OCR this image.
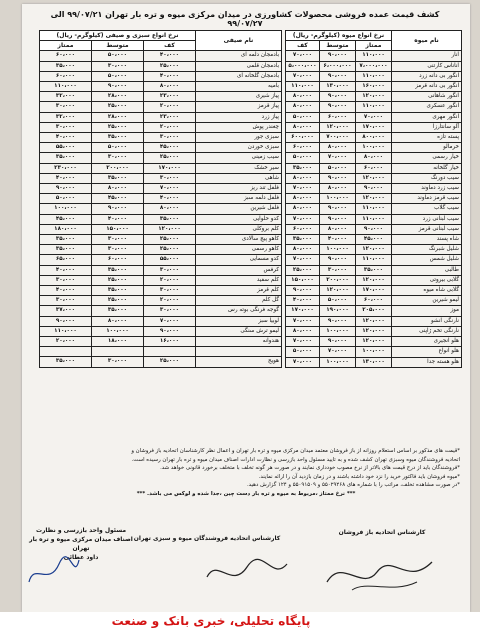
کشف قیمت عمده فروشی محصولات کشاورزی در میدان مرکزی میوه و تره بار تهران ۹۹/۰۷/۲۱ الی ۹۹/۰۷/۲۷
نام میوه	نرخ انواع میوه (کیلوگرم- ریال)		
	ممتاز	متوسط	کف
انار	۱۱۰،۰۰۰	۹۰،۰۰۰	۷۰،۰۰۰
اناناس کارتنی	۷،۰۰۰،۰۰۰	۶،۰۰۰،۰۰۰	۵،۰۰۰،۰۰۰
انگور بی دانه زرد	۱۱۰،۰۰۰	۹۰،۰۰۰	۷۰،۰۰۰
انگور بی دانه قرمز	۱۶۰،۰۰۰	۱۳۰،۰۰۰	۱۱۰،۰۰۰
انگور شاهانی	۱۲۰،۰۰۰	۹۰،۰۰۰	۸۰،۰۰۰
انگور عسکری	۱۱۰،۰۰۰	۹۰،۰۰۰	۸۰،۰۰۰
انگور مهری	۷۰،۰۰۰	۶۰،۰۰۰	۵۰،۰۰۰
آلو سانتارزا	۱۷۰،۰۰۰	۱۲۰،۰۰۰	۸۰،۰۰۰
پسته تازه	۸۰۰،۰۰۰	۷۰۰،۰۰۰	۶۰۰،۰۰۰
خرمالو	۱۰۰،۰۰۰	۸۰،۰۰۰	۶۰،۰۰۰
خیار رسمی	۸۰،۰۰۰	۷۰،۰۰۰	۵۰،۰۰۰
خیار گلخانه	۶۰،۰۰۰	۵۰،۰۰۰	۳۵،۰۰۰
سیب دورنگ	۱۲۰،۰۰۰	۹۰،۰۰۰	۸۰،۰۰۰
سیب زرد دماوند	۹۰،۰۰۰	۸۰،۰۰۰	۷۰،۰۰۰
سیب قرمز دماوند	۱۲۰،۰۰۰	۱۰۰،۰۰۰	۸۰،۰۰۰
سیب گلاب	۱۱۰،۰۰۰	۹۰،۰۰۰	۸۰،۰۰۰
سیب لبنانی زرد	۱۱۰،۰۰۰	۹۰،۰۰۰	۷۰،۰۰۰
سیب لبنانی قرمز	۹۰،۰۰۰	۸۰،۰۰۰	۶۰،۰۰۰
شاه پسند	۴۵،۰۰۰	۴۰،۰۰۰	۳۵،۰۰۰
شلیل شبرنگ	۱۲۰،۰۰۰	۱۰۰،۰۰۰	۸۰،۰۰۰
شلیل شمس	۱۱۰،۰۰۰	۹۰،۰۰۰	۷۰،۰۰۰
طالبی	۳۵،۰۰۰	۳۰،۰۰۰	۲۵،۰۰۰
گلابی بیروتی	۱۲۰،۰۰۰	۲۰۰،۰۰۰	۱۵۰،۰۰۰
گلابی شاه میوه	۱۷۰،۰۰۰	۱۲۰،۰۰۰	۹۰،۰۰۰
لیمو شیرین	۶۰،۰۰۰	۵۰،۰۰۰	۴۰،۰۰۰
موز	۲۰۵،۰۰۰	۱۹۰،۰۰۰	۱۷۰،۰۰۰
نارنگی انشو	۱۲۰،۰۰۰	۹۰،۰۰۰	۷۰،۰۰۰
نارنگی تخم ژاپنی	۱۲۰،۰۰۰	۱۰۰،۰۰۰	۸۰،۰۰۰
هلو انجیری	۱۲۰،۰۰۰	۹۰،۰۰۰	۷۰،۰۰۰
هلو انواع	۱۰۰،۰۰۰	۷۰،۰۰۰	۵۰،۰۰۰
هلو هسته جدا	۱۳۰،۰۰۰	۱۰۰،۰۰۰	۷۰،۰۰۰
نام صیفی	نرخ انواع سبزی و صیفی (کیلوگرم- ریال)		
	کف	متوسط	ممتاز
بادمجان دلمه ای	۴۰،۰۰۰	۵۰،۰۰۰	۶۰،۰۰۰
بادمجان قلمی	۲۵،۰۰۰	۳۰،۰۰۰	۳۵،۰۰۰
بادمجان گلخانه ای	۴۰،۰۰۰	۵۰،۰۰۰	۶۰،۰۰۰
بامیه	۸۰،۰۰۰	۹۰،۰۰۰	۱۱۰،۰۰۰
پیاز شیری	۲۳،۰۰۰	۲۸،۰۰۰	۳۲،۰۰۰
پیاز قرمز	۲۰،۰۰۰	۲۵،۰۰۰	۳۰،۰۰۰
پیاز زرد	۲۳،۰۰۰	۲۸،۰۰۰	۳۲،۰۰۰
چغندر پوش	۲۰،۰۰۰	۲۵،۰۰۰	۳۰،۰۰۰
سبزی جور	۳۰،۰۰۰	۳۵،۰۰۰	۴۰،۰۰۰
سبزی خوردن	۴۵،۰۰۰	۵۰،۰۰۰	۵۵،۰۰۰
سیب زمینی	۲۵،۰۰۰	۳۰،۰۰۰	۳۵،۰۰۰
سیر خشک	۱۷۰،۰۰۰	۲۰۰،۰۰۰	۲۳۰،۰۰۰
شاهی	۳۰،۰۰۰	۳۵،۰۰۰	۴۰،۰۰۰
فلفل تند ریز	۷۰،۰۰۰	۸۰،۰۰۰	۹۰،۰۰۰
فلفل دلمه سبز	۴۰،۰۰۰	۴۵،۰۰۰	۵۰،۰۰۰
فلفل شیرین	۸۰،۰۰۰	۹۰،۰۰۰	۱۰۰،۰۰۰
کدو حلوایی	۳۵،۰۰۰	۴۰،۰۰۰	۴۵،۰۰۰
کلم بروکلی	۱۲۰،۰۰۰	۱۵۰،۰۰۰	۱۸۰،۰۰۰
کاهو پیچ سالادی	۲۵،۰۰۰	۳۰،۰۰۰	۳۵،۰۰۰
کاهو رسمی	۲۵،۰۰۰	۳۰،۰۰۰	۳۵،۰۰۰
کدو مسمایی	۵۵،۰۰۰	۶۰،۰۰۰	۶۵،۰۰۰
کرفس	۳۰،۰۰۰	۳۵،۰۰۰	۴۰،۰۰۰
کلم سفید	۲۰،۰۰۰	۲۵،۰۰۰	۳۰،۰۰۰
کلم قرمز	۳۰،۰۰۰	۳۵،۰۰۰	۴۰،۰۰۰
گل کلم	۲۰،۰۰۰	۲۵،۰۰۰	۳۰،۰۰۰
گوجه فرنگی بوته رس	۳۰،۰۰۰	۳۵،۰۰۰	۳۷،۰۰۰
لوبیا سبز	۷۰،۰۰۰	۸۰،۰۰۰	۹۰،۰۰۰
لیمو ترش سنگی	۹۰،۰۰۰	۱۰۰،۰۰۰	۱۱۰،۰۰۰
هندوانه	۱۶،۰۰۰	۱۸،۰۰۰	۲۰،۰۰۰

هویج	۲۵،۰۰۰	۳۰،۰۰۰	۳۵،۰۰۰

*قیمت های مذکور بر اساس استعلام روزانه از باز فروشان معتمد میدان مرکزی میوه و تره بار تهران و اعمال نظر کارشناسان اتحادیه باز فروشان و

اتحادیه فروشندگان میوه وسبزی تهران کشف شده و به تایید مسئول واحد بازرسی و نظارت ادارات اصناف میدان میوه و تره بار تهران رسیده است.

*فروشندگان باید از درج قیمت های بالاتر از نرخ مصوب خودداری نمایند و در صورت هر گونه تخلف با متخلف برخورد قانونی خواهد شد.

*میوه فروشان باید فاکتور خرید را نزد خود داشته باشند و در زمان بازدید آن را ارائه نمایند.

*در صورت مشاهده تخلف، مراتب را با شماره های ۵۵۰۲۹۲۶۸ و ۵۵۰۹۱۵۰۹ و ۱۲۴ گزارش دهید.

*** نرخ ممتاز ،مربوط به میوه و تره بار دست چین ،جدا شده و لوکس می باشد. ***

کارشناس اتحادیه باز فروشان
کارشناس اتحادیه فروشندگان میوه و سبزی تهران
مسئول واحد بازرسی و نظارت
اصناف میدان مرکزی میوه و تره بار تهران
داود عطائی
پایگاه تحلیلی، خبری بانک و صنعت
